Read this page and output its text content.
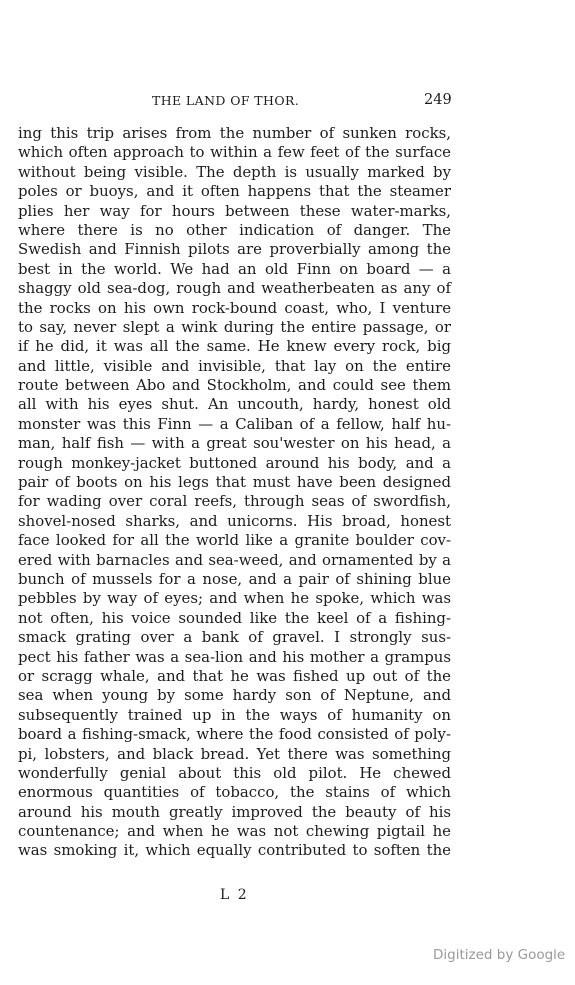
THE LAND OF THOR.	249
ing this trip arises from the number of sunken rocks,
which often approach to within a few feet of the surface
without being visible. The depth is usually marked by
poles or buoys, and it often happens that the steamer
plies her way for hours between these water-marks,
where there is no other indication of danger. The
Swedish and Finnish pilots are proverbially among the
best in the world. We had an old Finn on board — a
shaggy old sea-dog, rough and weatherbeaten as any of
the rocks on his own rock-bound coast, who, I venture
to say, never slept a wink during the entire passage, or
if he did, it was all the same. He knew every rock, big
and little, visible and invisible, that lay on the entire
route between Abo and Stockholm, and could see them
all with his eyes shut. An uncouth, hardy, honest old
monster was this Finn — a Caliban of a fellow, half hu-
man, half fish — with a great sou'wester on his head, a
rough monkey-jacket buttoned around his body, and a
pair of boots on his legs that must have been designed
for wading over coral reefs, through seas of swordfish,
shovel-nosed sharks, and unicorns. His broad, honest
face looked for all the world like a granite boulder cov-
ered with barnacles and sea-weed, and ornamented by a
bunch of mussels for a nose, and a pair of shining blue
pebbles by way of eyes; and when he spoke, which was
not often, his voice sounded like the keel of a fishing-
smack grating over a bank of gravel. I strongly sus-
pect his father was a sea-lion and his mother a grampus
or scragg whale, and that he was fished up out of the
sea when young by some hardy son of Neptune, and
subsequently trained up in the ways of humanity on
board a fishing-smack, where the food consisted of poly-
pi, lobsters, and black bread. Yet there was something
wonderfully genial about this old pilot. He chewed
enormous quantities of tobacco, the stains of which
around his mouth greatly improved the beauty of his
countenance; and when he was not chewing pigtail he
was smoking it, which equally contributed to soften the
L 2
Digitized by Google
